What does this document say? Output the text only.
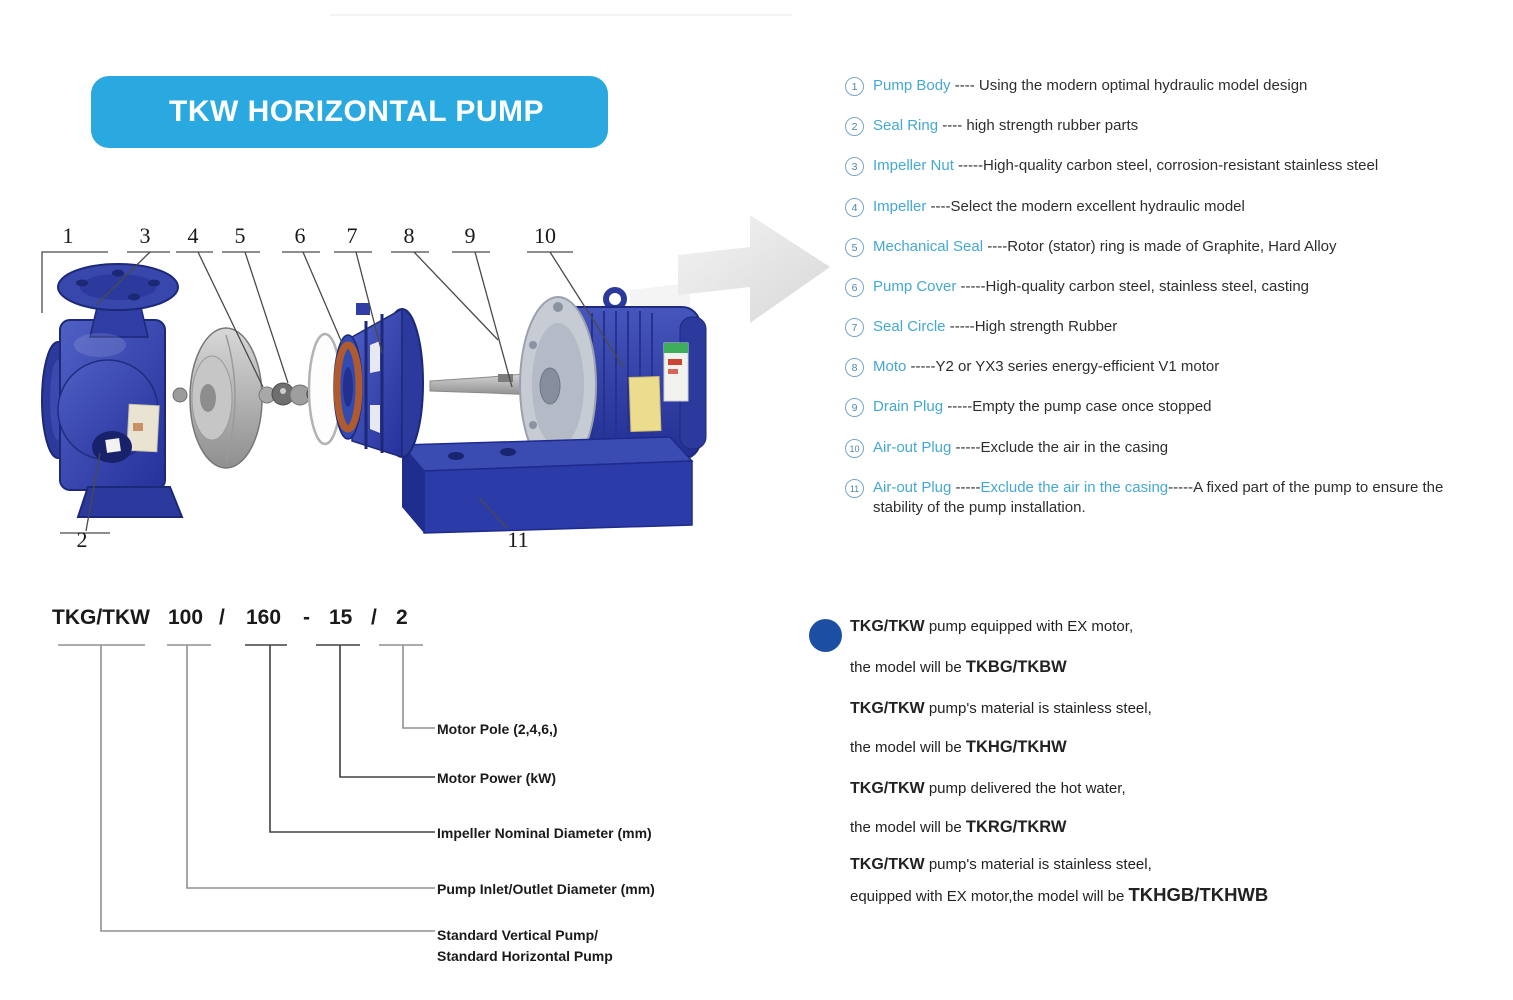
TKW HORIZONTAL PUMP
1	3 4 5 6 7 8 9	10
2	11
1	Pump Body ---- Using the modern optimal hydraulic model design

2	Seal Ring ---- high strength rubber parts

3	Impeller Nut -----High-quality carbon steel, corrosion-resistant stainless steel

4	Impeller ----Select the modern excellent hydraulic model

5	Mechanical Seal ----Rotor (stator) ring is made of Graphite, Hard Alloy

6	Pump Cover -----High-quality carbon steel, stainless steel, casting

7	Seal Circle -----High strength Rubber

8	Moto -----Y2 or YX3 series energy-efficient V1 motor

9	Drain Plug -----Empty the pump case once stopped

10 Air-out Plug -----Exclude the air in the casing

11 Air-out Plug -----Exclude the air in the casing-----A fixed part of the pump to ensure the stability of the pump installation.

TKG/TKW 100 / 160 - 15 / 2
Motor Pole (2,4,6,)
Motor Power (kW)
Impeller Nominal Diameter (mm)
Pump Inlet/Outlet Diameter (mm)
Standard Vertical Pump/
Standard Horizontal Pump
TKG/TKW pump equipped with EX motor,
the model will be TKBG/TKBW
TKG/TKW pump's material is stainless steel,
the model will be TKHG/TKHW
TKG/TKW pump delivered the hot water,
the model will be TKRG/TKRW
TKG/TKW pump's material is stainless steel,
equipped with EX motor,the model will be TKHGB/TKHWB
